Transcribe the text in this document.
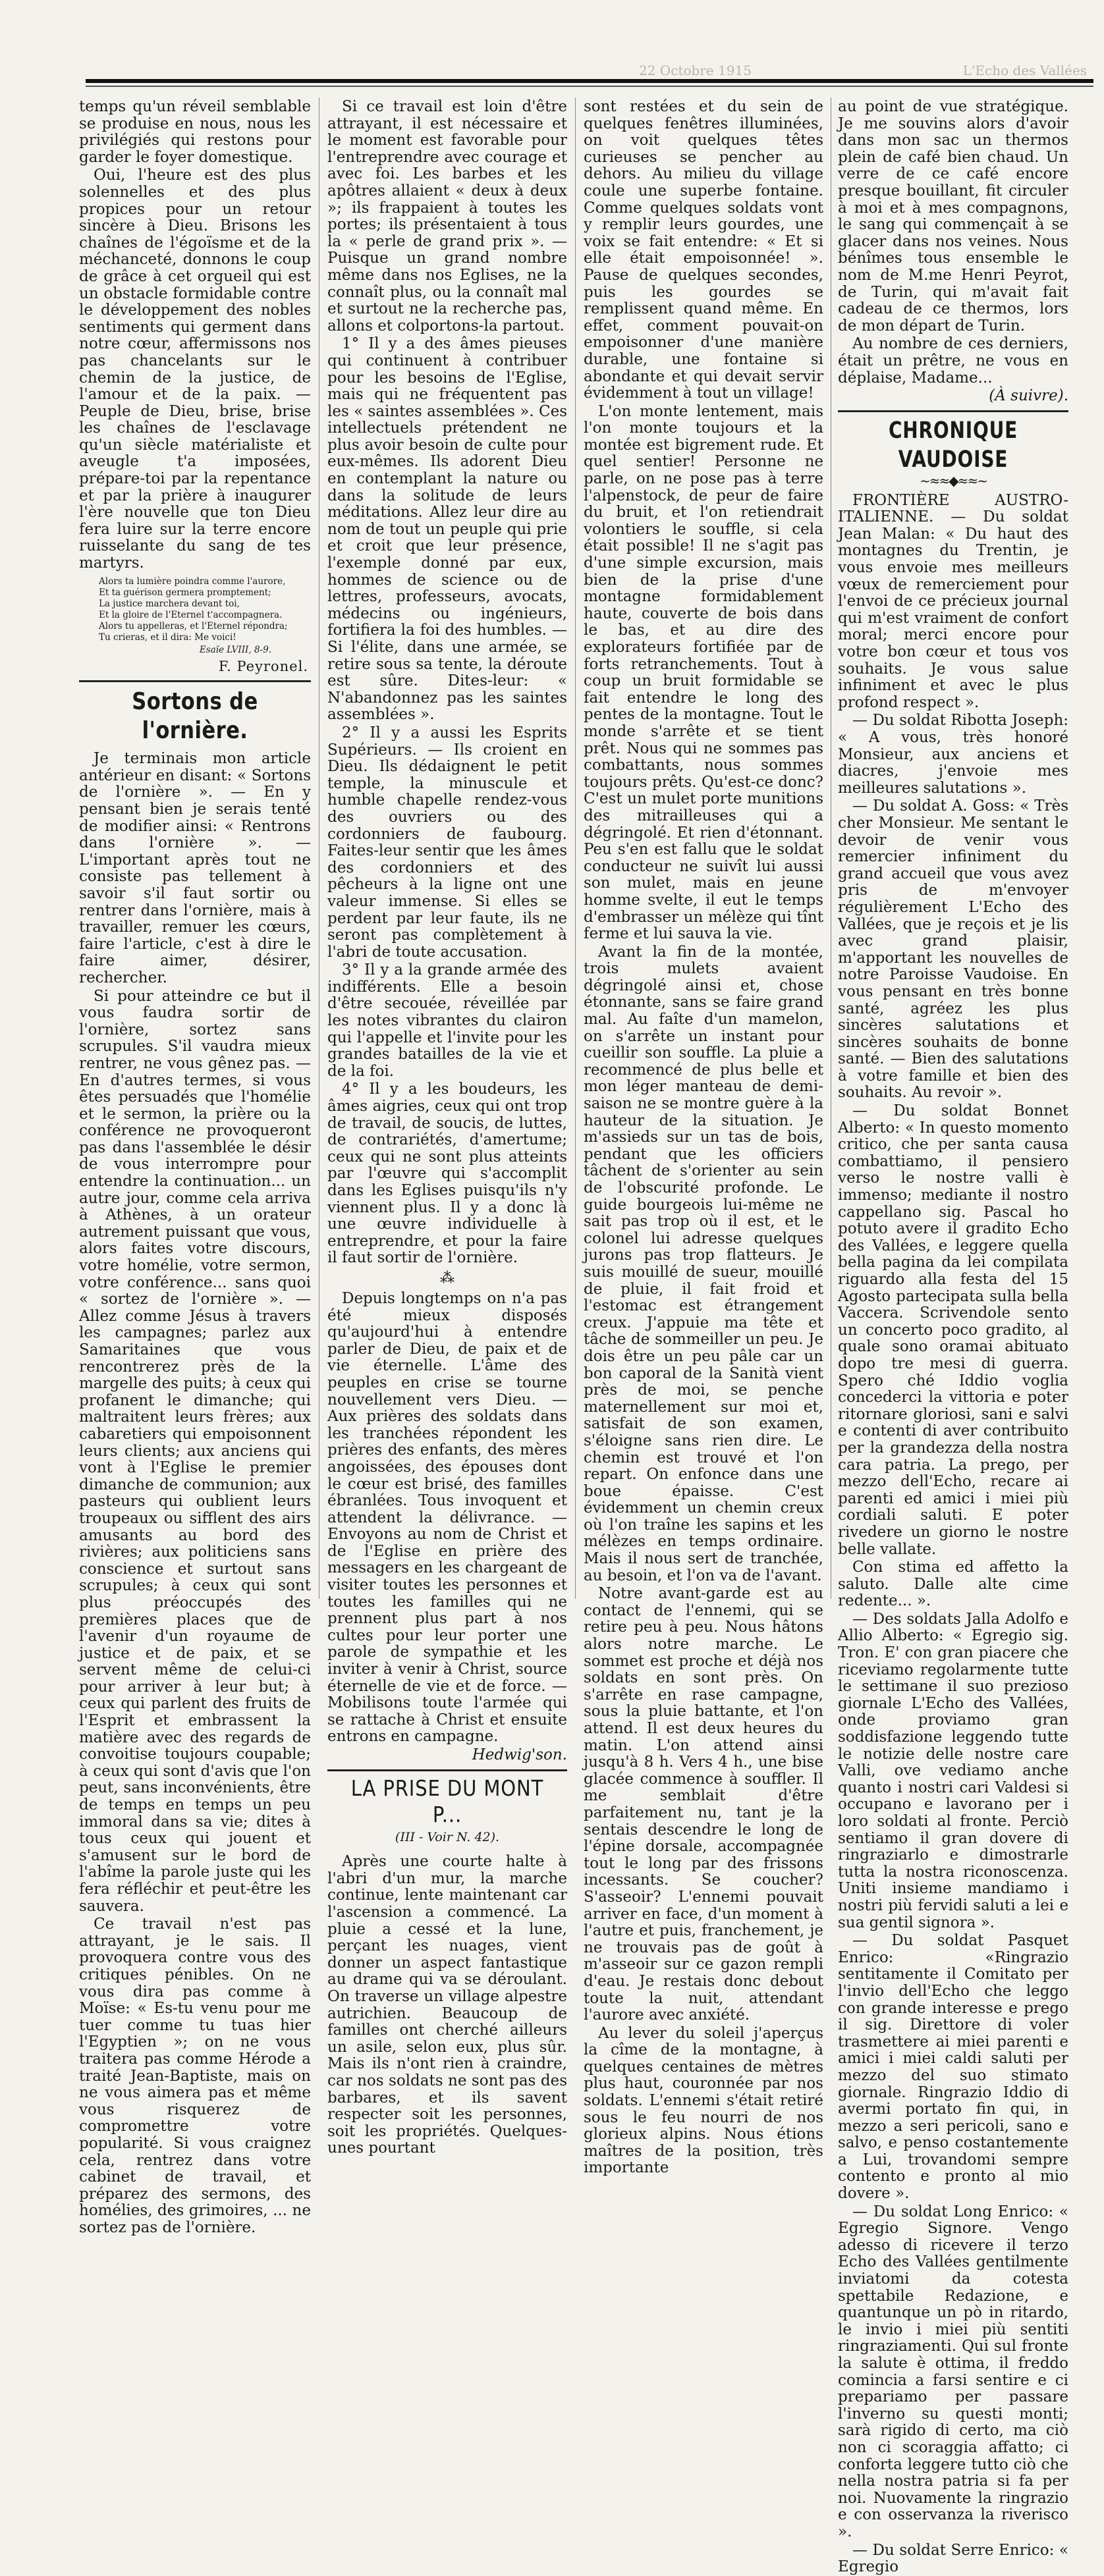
22 Octobre 1915	L'Echo des Vallées

temps qu'un réveil semblable se produise en nous, nous les privilégiés qui restons pour garder le foyer domestique.

Oui, l'heure est des plus solennelles et des plus propices pour un retour sincère à Dieu. Brisons les chaînes de l'égoïsme et de la méchanceté, donnons le coup de grâce à cet orgueil qui est un obstacle formidable contre le développement des nobles sentiments qui germent dans notre cœur, affermissons nos pas chancelants sur le chemin de la justice, de l'amour et de la paix. — Peuple de Dieu, brise, brise les chaînes de l'esclavage qu'un siècle matérialiste et aveugle t'a imposées, prépare-toi par la repentance et par la prière à inaugurer l'ère nouvelle que ton Dieu fera luire sur la terre encore ruisselante du sang de tes martyrs.

Alors ta lumière poindra comme l'aurore,
Et ta guérison germera promptement;
La justice marchera devant toi,
Et la gloire de l'Eternel t'accompagnera.
Alors tu appelleras, et l'Eternel répondra;
Tu crieras, et il dira: Me voici!
Esaïe LVIII, 8-9.
F. Peyronel.
Sortons de l'ornière.

Je terminais mon article antérieur en disant: « Sortons de l'ornière ». — En y pensant bien je serais tenté de modifier ainsi: « Rentrons dans l'ornière ». — L'important après tout ne consiste pas tellement à savoir s'il faut sortir ou rentrer dans l'ornière, mais à travailler, remuer les cœurs, faire l'article, c'est à dire le faire aimer, désirer, rechercher.

Si pour atteindre ce but il vous faudra sortir de l'ornière, sortez sans scrupules. S'il vaudra mieux rentrer, ne vous gênez pas. — En d'autres termes, si vous êtes persuadés que l'homélie et le sermon, la prière ou la conférence ne provoqueront pas dans l'assemblée le désir de vous interrompre pour entendre la continuation... un autre jour, comme cela arriva à Athènes, à un orateur autrement puissant que vous, alors faites votre discours, votre homélie, votre sermon, votre conférence... sans quoi « sortez de l'ornière ». — Allez comme Jésus à travers les campagnes; parlez aux Samaritaines que vous rencontrerez près de la margelle des puits; à ceux qui profanent le dimanche; qui maltraitent leurs frères; aux cabaretiers qui empoisonnent leurs clients; aux anciens qui vont à l'Eglise le premier dimanche de communion; aux pasteurs qui oublient leurs troupeaux ou sifflent des airs amusants au bord des rivières; aux politiciens sans conscience et surtout sans scrupules; à ceux qui sont plus préoccupés des premières places que de l'avenir d'un royaume de justice et de paix, et se servent même de celui-ci pour arriver à leur but; à ceux qui parlent des fruits de l'Esprit et embrassent la matière avec des regards de convoitise toujours coupable; à ceux qui sont d'avis que l'on peut, sans inconvénients, être de temps en temps un peu immoral dans sa vie; dites à tous ceux qui jouent et s'amusent sur le bord de l'abîme la parole juste qui les fera réfléchir et peut-être les sauvera.

Ce travail n'est pas attrayant, je le sais. Il provoquera contre vous des critiques pénibles. On ne vous dira pas comme à Moïse: « Es-tu venu pour me tuer comme tu tuas hier l'Egyptien »; on ne vous traitera pas comme Hérode a traité Jean-Baptiste, mais on ne vous aimera pas et même vous risquerez de compromettre votre popularité. Si vous craignez cela, rentrez dans votre cabinet de travail, et préparez des sermons, des homélies, des grimoires, ... ne sortez pas de l'ornière.

Si ce travail est loin d'être attrayant, il est nécessaire et le moment est favorable pour l'entreprendre avec courage et avec foi. Les barbes et les apôtres allaient « deux à deux »; ils frappaient à toutes les portes; ils présentaient à tous la « perle de grand prix ». — Puisque un grand nombre même dans nos Eglises, ne la connaît plus, ou la connaît mal et surtout ne la recherche pas, allons et colportons-la partout.

1° Il y a des âmes pieuses qui continuent à contribuer pour les besoins de l'Eglise, mais qui ne fréquentent pas les « saintes assemblées ». Ces intellectuels prétendent ne plus avoir besoin de culte pour eux-mêmes. Ils adorent Dieu en contemplant la nature ou dans la solitude de leurs méditations. Allez leur dire au nom de tout un peuple qui prie et croit que leur présence, l'exemple donné par eux, hommes de science ou de lettres, professeurs, avocats, médecins ou ingénieurs, fortifiera la foi des humbles. — Si l'élite, dans une armée, se retire sous sa tente, la déroute est sûre. Dites-leur: « N'abandonnez pas les saintes assemblées ».

2° Il y a aussi les Esprits Supérieurs. — Ils croient en Dieu. Ils dédaignent le petit temple, la minuscule et humble chapelle rendez-vous des ouvriers ou des cordonniers de faubourg. Faites-leur sentir que les âmes des cordonniers et des pêcheurs à la ligne ont une valeur immense. Si elles se perdent par leur faute, ils ne seront pas complètement à l'abri de toute accusation.

3° Il y a la grande armée des indifférents. Elle a besoin d'être secouée, réveillée par les notes vibrantes du clairon qui l'appelle et l'invite pour les grandes batailles de la vie et de la foi.

4° Il y a les boudeurs, les âmes aigries, ceux qui ont trop de travail, de soucis, de luttes, de contrariétés, d'amertume; ceux qui ne sont plus atteints par l'œuvre qui s'accomplit dans les Eglises puisqu'ils n'y viennent plus. Il y a donc là une œuvre individuelle à entreprendre, et pour la faire il faut sortir de l'ornière.

⁂

Depuis longtemps on n'a pas été mieux disposés qu'aujourd'hui à entendre parler de Dieu, de paix et de vie éternelle. L'âme des peuples en crise se tourne nouvellement vers Dieu. — Aux prières des soldats dans les tranchées répondent les prières des enfants, des mères angoissées, des épouses dont le cœur est brisé, des familles ébranlées. Tous invoquent et attendent la délivrance. — Envoyons au nom de Christ et de l'Eglise en prière des messagers en les chargeant de visiter toutes les personnes et toutes les familles qui ne prennent plus part à nos cultes pour leur porter une parole de sympathie et les inviter à venir à Christ, source éternelle de vie et de force. — Mobilisons toute l'armée qui se rattache à Christ et ensuite entrons en campagne.

Hedwig'son.
LA PRISE DU MONT P...
(III - Voir N. 42).

Après une courte halte à l'abri d'un mur, la marche continue, lente maintenant car l'ascension a commencé. La pluie a cessé et la lune, perçant les nuages, vient donner un aspect fantastique au drame qui va se déroulant. On traverse un village alpestre autrichien. Beaucoup de familles ont cherché ailleurs un asile, selon eux, plus sûr. Mais ils n'ont rien à craindre, car nos soldats ne sont pas des barbares, et ils savent respecter soit les personnes, soit les propriétés. Quelques-unes pourtant

sont restées et du sein de quelques fenêtres illuminées, on voit quelques têtes curieuses se pencher au dehors. Au milieu du village coule une superbe fontaine. Comme quelques soldats vont y remplir leurs gourdes, une voix se fait entendre: « Et si elle était empoisonnée! ». Pause de quelques secondes, puis les gourdes se remplissent quand même. En effet, comment pouvait-on empoisonner d'une manière durable, une fontaine si abondante et qui devait servir évidemment à tout un village!

L'on monte lentement, mais l'on monte toujours et la montée est bigrement rude. Et quel sentier! Personne ne parle, on ne pose pas à terre l'alpenstock, de peur de faire du bruit, et l'on retiendrait volontiers le souffle, si cela était possible! Il ne s'agit pas d'une simple excursion, mais bien de la prise d'une montagne formidablement haute, couverte de bois dans le bas, et au dire des explorateurs fortifiée par de forts retranchements. Tout à coup un bruit formidable se fait entendre le long des pentes de la montagne. Tout le monde s'arrête et se tient prêt. Nous qui ne sommes pas combattants, nous sommes toujours prêts. Qu'est-ce donc? C'est un mulet porte munitions des mitrailleuses qui a dégringolé. Et rien d'étonnant. Peu s'en est fallu que le soldat conducteur ne suivît lui aussi son mulet, mais en jeune homme svelte, il eut le temps d'embrasser un mélèze qui tînt ferme et lui sauva la vie.

Avant la fin de la montée, trois mulets avaient dégringolé ainsi et, chose étonnante, sans se faire grand mal. Au faîte d'un mamelon, on s'arrête un instant pour cueillir son souffle. La pluie a recommencé de plus belle et mon léger manteau de demi-saison ne se montre guère à la hauteur de la situation. Je m'assieds sur un tas de bois, pendant que les officiers tâchent de s'orienter au sein de l'obscurité profonde. Le guide bourgeois lui-même ne sait pas trop où il est, et le colonel lui adresse quelques jurons pas trop flatteurs. Je suis mouillé de sueur, mouillé de pluie, il fait froid et l'estomac est étrangement creux. J'appuie ma tête et tâche de sommeiller un peu. Je dois être un peu pâle car un bon caporal de la Sanità vient près de moi, se penche maternellement sur moi et, satisfait de son examen, s'éloigne sans rien dire. Le chemin est trouvé et l'on repart. On enfonce dans une boue épaisse. C'est évidemment un chemin creux où l'on traîne les sapins et les mélèzes en temps ordinaire. Mais il nous sert de tranchée, au besoin, et l'on va de l'avant.

Notre avant-garde est au contact de l'ennemi, qui se retire peu à peu. Nous hâtons alors notre marche. Le sommet est proche et déjà nos soldats en sont près. On s'arrête en rase campagne, sous la pluie battante, et l'on attend. Il est deux heures du matin. L'on attend ainsi jusqu'à 8 h. Vers 4 h., une bise glacée commence à souffler. Il me semblait d'être parfaitement nu, tant je la sentais descendre le long de l'épine dorsale, accompagnée tout le long par des frissons incessants. Se coucher? S'asseoir? L'ennemi pouvait arriver en face, d'un moment à l'autre et puis, franchement, je ne trouvais pas de goût à m'asseoir sur ce gazon rempli d'eau. Je restais donc debout toute la nuit, attendant l'aurore avec anxiété.

Au lever du soleil j'aperçus la cîme de la montagne, à quelques centaines de mètres plus haut, couronnée par nos soldats. L'ennemi s'était retiré sous le feu nourri de nos glorieux alpins. Nous étions maîtres de la position, très importante

au point de vue stratégique. Je me souvins alors d'avoir dans mon sac un thermos plein de café bien chaud. Un verre de ce café encore presque bouillant, fit circuler à moi et à mes compagnons, le sang qui commençait à se glacer dans nos veines. Nous bénîmes tous ensemble le nom de M.me Henri Peyrot, de Turin, qui m'avait fait cadeau de ce thermos, lors de mon départ de Turin.

Au nombre de ces derniers, était un prêtre, ne vous en déplaise, Madame...

(À suivre).
CHRONIQUE VAUDOISE
~≈≈◆≈≈~

FRONTIÈRE AUSTRO-ITALIENNE. — Du soldat Jean Malan: « Du haut des montagnes du Trentin, je vous envoie mes meilleurs vœux de remerciement pour l'envoi de ce précieux journal qui m'est vraiment de confort moral; merci encore pour votre bon cœur et tous vos souhaits. Je vous salue infiniment et avec le plus profond respect ».

— Du soldat Ribotta Joseph: « A vous, très honoré Monsieur, aux anciens et diacres, j'envoie mes meilleures salutations ».

— Du soldat A. Goss: « Très cher Monsieur. Me sentant le devoir de venir vous remercier infiniment du grand accueil que vous avez pris de m'envoyer régulièrement L'Echo des Vallées, que je reçois et je lis avec grand plaisir, m'apportant les nouvelles de notre Paroisse Vaudoise. En vous pensant en très bonne santé, agréez les plus sincères salutations et sincères souhaits de bonne santé. — Bien des salutations à votre famille et bien des souhaits. Au revoir ».

— Du soldat Bonnet Alberto: « In questo momento critico, che per santa causa combattiamo, il pensiero verso le nostre valli è immenso; mediante il nostro cappellano sig. Pascal ho potuto avere il gradito Echo des Vallées, e leggere quella bella pagina da lei compilata riguardo alla festa del 15 Agosto partecipata sulla bella Vaccera. Scrivendole sento un concerto poco gradito, al quale sono oramai abituato dopo tre mesi di guerra. Spero ché Iddio voglia concederci la vittoria e poter ritornare gloriosi, sani e salvi e contenti di aver contribuito per la grandezza della nostra cara patria. La prego, per mezzo dell'Echo, recare ai parenti ed amici i miei più cordiali saluti. E poter rivedere un giorno le nostre belle vallate.

Con stima ed affetto la saluto. Dalle alte cime redente... ».

— Des soldats Jalla Adolfo e Allio Alberto: « Egregio sig. Tron. E' con gran piacere che riceviamo regolarmente tutte le settimane il suo prezioso giornale L'Echo des Vallées, onde proviamo gran soddisfazione leggendo tutte le notizie delle nostre care Valli, ove vediamo anche quanto i nostri cari Valdesi si occupano e lavorano per i loro soldati al fronte. Perciò sentiamo il gran dovere di ringraziarlo e dimostrarle tutta la nostra riconoscenza. Uniti insieme mandiamo i nostri più fervidi saluti a lei e sua gentil signora ».

— Du soldat Pasquet Enrico: «Ringrazio sentitamente il Comitato per l'invio dell'Echo che leggo con grande interesse e prego il sig. Direttore di voler trasmettere ai miei parenti e amici i miei caldi saluti per mezzo del suo stimato giornale. Ringrazio Iddio di avermi portato fin qui, in mezzo a seri pericoli, sano e salvo, e penso costantemente a Lui, trovandomi sempre contento e pronto al mio dovere ».

— Du soldat Long Enrico: « Egregio Signore. Vengo adesso di ricevere il terzo Echo des Vallées gentilmente inviatomi da cotesta spettabile Redazione, e quantunque un pò in ritardo, le invio i miei più sentiti ringraziamenti. Qui sul fronte la salute è ottima, il freddo comincia a farsi sentire e ci prepariamo per passare l'inverno su questi monti; sarà rigido di certo, ma ciò non ci scoraggia affatto; ci conforta leggere tutto ciò che nella nostra patria si fa per noi. Nuovamente la ringrazio e con osservanza la riverisco ».

— Du soldat Serre Enrico: « Egregio
